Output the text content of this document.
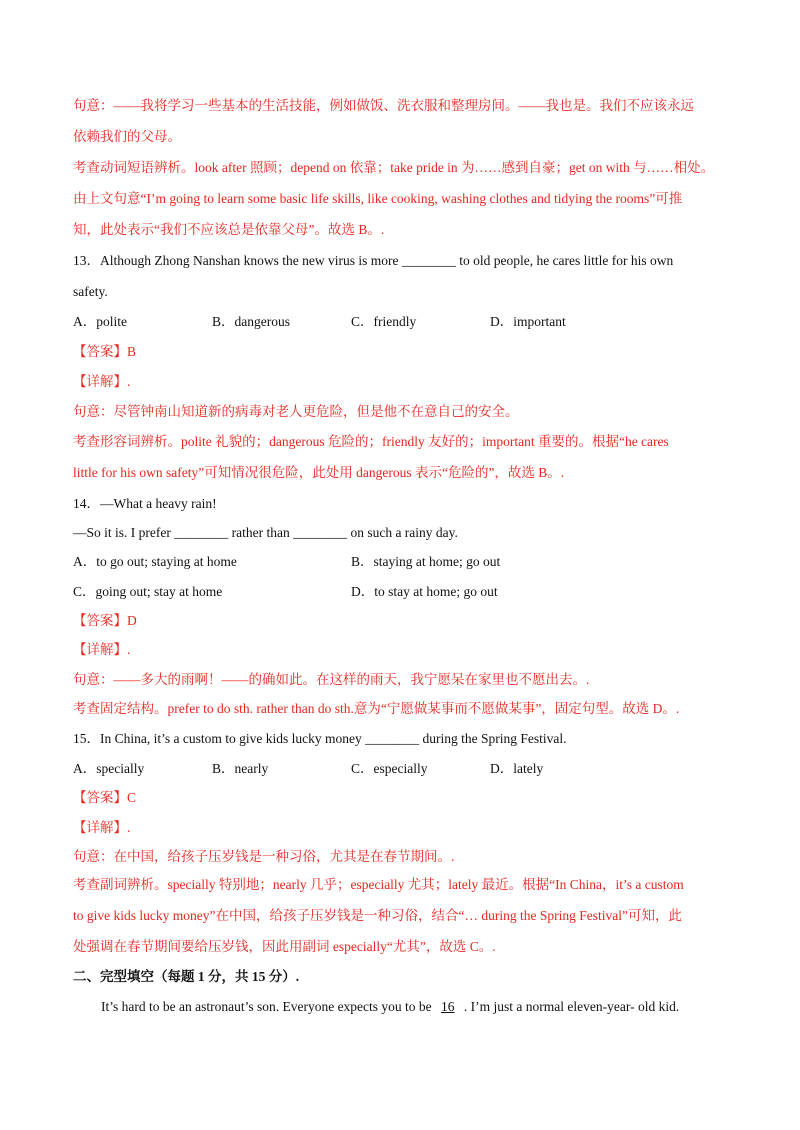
句意：——我将学习一些基本的生活技能，例如做饭、洗衣服和整理房间。——我也是。我们不应该永远
依赖我们的父母。
考查动词短语辨析。look after 照顾；depend on 依靠；take pride in 为……感到自豪；get on with 与……相处。
由上文句意“I’m going to learn some basic life skills, like cooking, washing clothes and tidying the rooms”可推
知，此处表示“我们不应该总是依靠父母”。故选 B。.
13．Although Zhong Nanshan knows the new virus is more ________ to old people, he cares little for his own
safety.
A．polite	B．dangerous	C．friendly	D．important
【答案】B
【详解】.
句意：尽管钟南山知道新的病毒对老人更危险，但是他不在意自己的安全。
考查形容词辨析。polite 礼貌的；dangerous 危险的；friendly 友好的；important 重要的。根据“he cares
little for his own safety”可知情况很危险，此处用 dangerous 表示“危险的”，故选 B。.
14．—What a heavy rain!
—So it is. I prefer ________ rather than ________ on such a rainy day.
A．to go out; staying at home	B．staying at home; go out
C．going out; stay at home	D．to stay at home; go out
【答案】D
【详解】.
句意：——多大的雨啊！——的确如此。在这样的雨天，我宁愿呆在家里也不愿出去。.
考查固定结构。prefer to do sth. rather than do sth.意为“宁愿做某事而不愿做某事”，固定句型。故选 D。.
15．In China, it’s a custom to give kids lucky money ________ during the Spring Festival.
A．specially	B．nearly	C．especially	D．lately
【答案】C
【详解】.
句意：在中国，给孩子压岁钱是一种习俗，尤其是在春节期间。.
考查副词辨析。specially 特别地；nearly 几乎；especially 尤其；lately 最近。根据“In China，it’s a custom
to give kids lucky money”在中国，给孩子压岁钱是一种习俗，结合“… during the Spring Festival”可知，此
处强调在春节期间要给压岁钱，因此用副词 especially“尤其”，故选 C。.
二、完型填空（每题 1 分，共 15 分）.
It’s hard to be an astronaut’s son. Everyone expects you to be 16 . I’m just a normal eleven-year- old kid.
